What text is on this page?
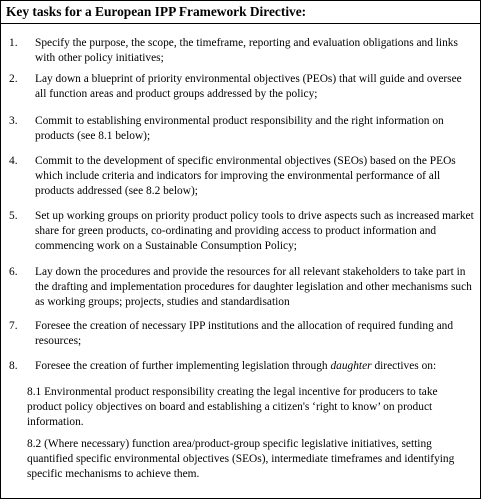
Key tasks for a European IPP Framework Directive:
1.	Specify the purpose, the scope, the timeframe, reporting and evaluation obligations and links with other policy initiatives;
2.	Lay down a blueprint of priority environmental objectives (PEOs) that will guide and oversee all function areas and product groups addressed by the policy;
3.	Commit to establishing environmental product responsibility and the right information on products (see 8.1 below);
4.	Commit to the development of specific environmental objectives (SEOs) based on the PEOs which include criteria and indicators for improving the environmental performance of all products addressed (see 8.2 below);
5.	Set up working groups on priority product policy tools to drive aspects such as increased market share for green products, co-ordinating and providing access to product information and commencing work on a Sustainable Consumption Policy;
6.	Lay down the procedures and provide the resources for all relevant stakeholders to take part in the drafting and implementation procedures for daughter legislation and other mechanisms such as working groups; projects, studies and standardisation
7.	Foresee the creation of necessary IPP institutions and the allocation of required funding and resources;
8.	Foresee the creation of further implementing legislation through daughter directives on:
8.1 Environmental product responsibility creating the legal incentive for producers to take product policy objectives on board and establishing a citizen's ‘right to know’ on product information.
8.2 (Where necessary) function area/product-group specific legislative initiatives, setting quantified specific environmental objectives (SEOs), intermediate timeframes and identifying specific mechanisms to achieve them.
